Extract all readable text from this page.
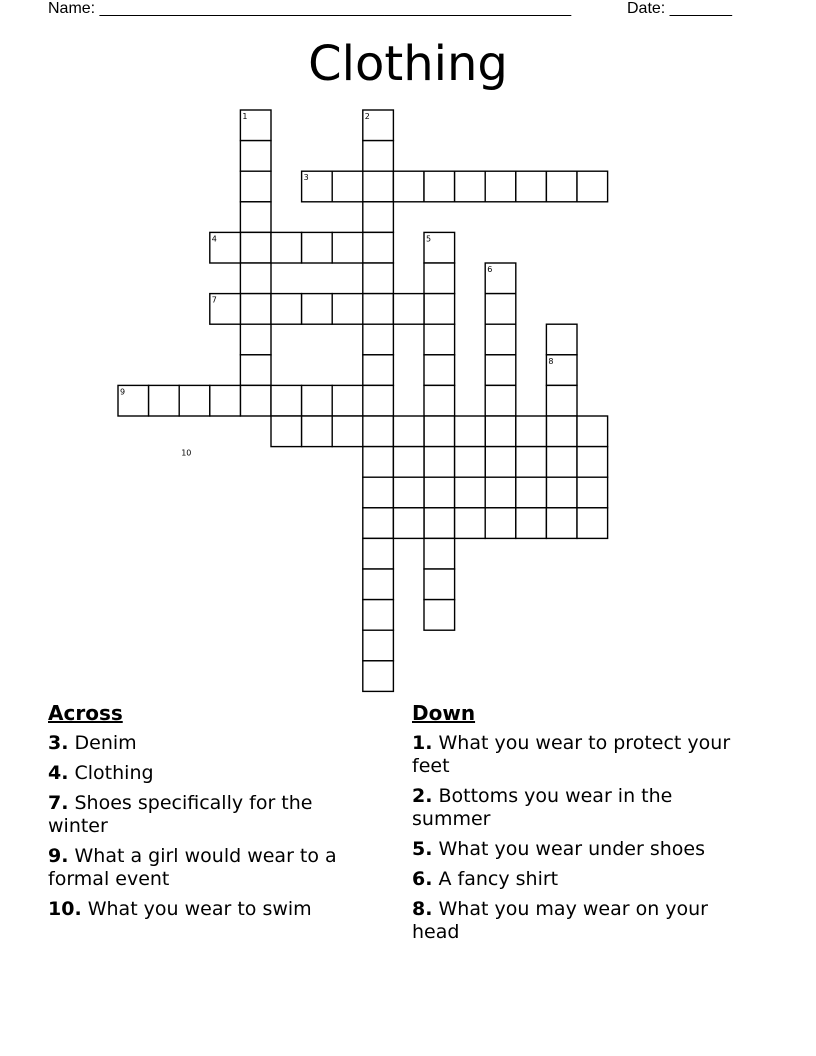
Name: _____________________________________________________	Date: _______
Clothing
1	2
3
4	5
6
7
8
9
10
Across
3. Denim
4. Clothing
7. Shoes specifically for the winter
9. What a girl would wear to a formal event
10. What you wear to swim
Down
1. What you wear to protect your feet
2. Bottoms you wear in the summer
5. What you wear under shoes
6. A fancy shirt
8. What you may wear on your head
